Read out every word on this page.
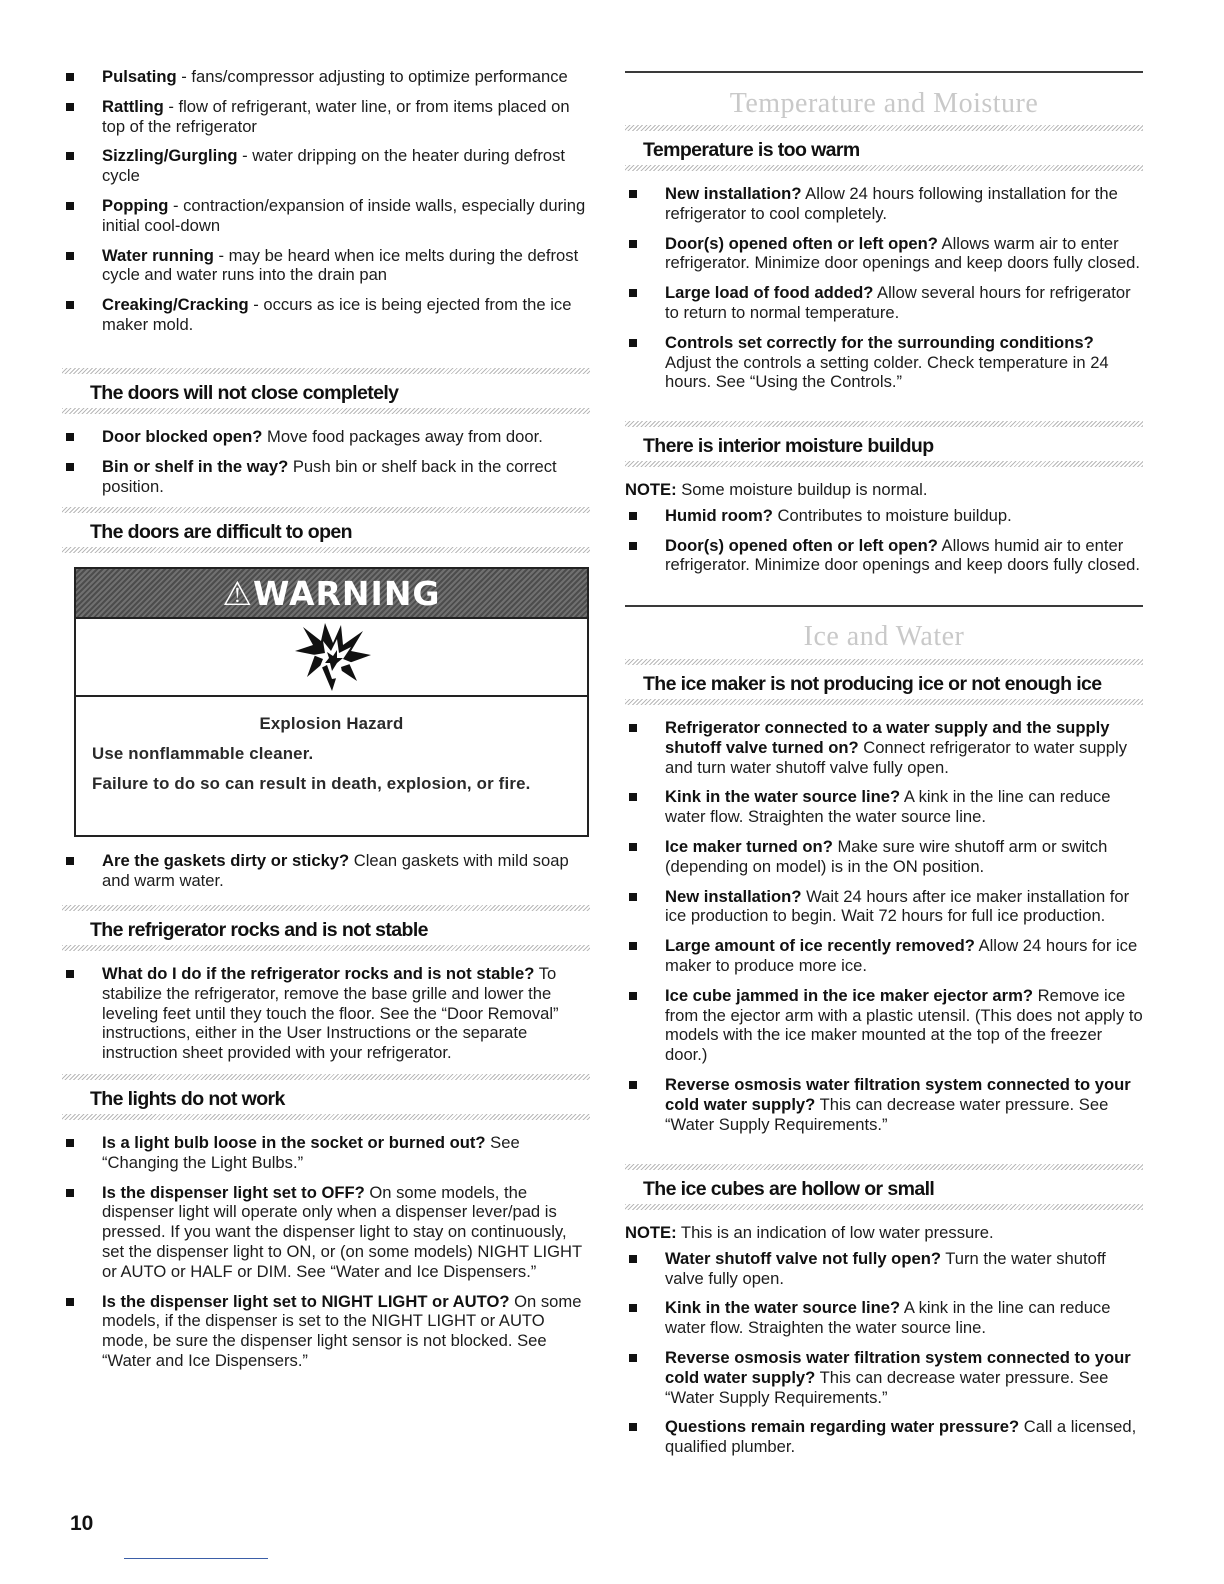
Pulsating - fans/compressor adjusting to optimize performance
Rattling - flow of refrigerant, water line, or from items placed on top of the refrigerator
Sizzling/Gurgling - water dripping on the heater during defrost cycle
Popping - contraction/expansion of inside walls, especially during initial cool-down
Water running - may be heard when ice melts during the defrost cycle and water runs into the drain pan
Creaking/Cracking - occurs as ice is being ejected from the ice maker mold.
The doors will not close completely
Door blocked open? Move food packages away from door.
Bin or shelf in the way? Push bin or shelf back in the correct position.
The doors are difficult to open
Are the gaskets dirty or sticky? Clean gaskets with mild soap and warm water.
The refrigerator rocks and is not stable
What do I do if the refrigerator rocks and is not stable? To stabilize the refrigerator, remove the base grille and lower the leveling feet until they touch the floor. See the “Door Removal” instructions, either in the User Instructions or the separate instruction sheet provided with your refrigerator.
The lights do not work
Is a light bulb loose in the socket or burned out? See “Changing the Light Bulbs.”
Is the dispenser light set to OFF? On some models, the dispenser light will operate only when a dispenser lever/pad is pressed. If you want the dispenser light to stay on continuously, set the dispenser light to ON, or (on some models) NIGHT LIGHT or AUTO or HALF or DIM. See “Water and Ice Dispensers.”
Is the dispenser light set to NIGHT LIGHT or AUTO? On some models, if the dispenser is set to the NIGHT LIGHT or AUTO mode, be sure the dispenser light sensor is not blocked. See “Water and Ice Dispensers.”
⚠WARNING
Explosion Hazard
Use nonflammable cleaner.
Failure to do so can result in death, explosion, or fire.
Temperature and Moisture
Temperature is too warm
New installation? Allow 24 hours following installation for the refrigerator to cool completely.
Door(s) opened often or left open? Allows warm air to enter refrigerator. Minimize door openings and keep doors fully closed.
Large load of food added? Allow several hours for refrigerator to return to normal temperature.
Controls set correctly for the surrounding conditions? Adjust the controls a setting colder. Check temperature in 24 hours. See “Using the Controls.”
There is interior moisture buildup
NOTE: Some moisture buildup is normal.
Humid room? Contributes to moisture buildup.
Door(s) opened often or left open? Allows humid air to enter refrigerator. Minimize door openings and keep doors fully closed.
Ice and Water
The ice maker is not producing ice or not enough ice
Refrigerator connected to a water supply and the supply shutoff valve turned on? Connect refrigerator to water supply and turn water shutoff valve fully open.
Kink in the water source line? A kink in the line can reduce water flow. Straighten the water source line.
Ice maker turned on? Make sure wire shutoff arm or switch (depending on model) is in the ON position.
New installation? Wait 24 hours after ice maker installation for ice production to begin. Wait 72 hours for full ice production.
Large amount of ice recently removed? Allow 24 hours for ice maker to produce more ice.
Ice cube jammed in the ice maker ejector arm? Remove ice from the ejector arm with a plastic utensil. (This does not apply to models with the ice maker mounted at the top of the freezer door.)
Reverse osmosis water filtration system connected to your cold water supply? This can decrease water pressure. See “Water Supply Requirements.”
The ice cubes are hollow or small
NOTE: This is an indication of low water pressure.
Water shutoff valve not fully open? Turn the water shutoff valve fully open.
Kink in the water source line? A kink in the line can reduce water flow. Straighten the water source line.
Reverse osmosis water filtration system connected to your cold water supply? This can decrease water pressure. See “Water Supply Requirements.”
Questions remain regarding water pressure? Call a licensed, qualified plumber.
10
